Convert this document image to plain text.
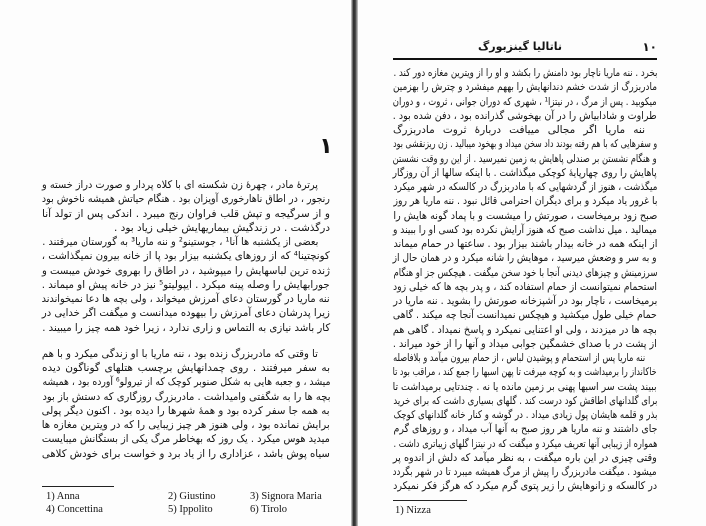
۱
پرترهٔ مادر ، چهرهٔ زن شکسته ای با کلاه پردار و صورت دراز خسته و
رنجور ، در اطاق ناهارخوری آویزان بود . هنگام حیاتش همیشه ناخوش بود
و از سرگیجه و تپش قلب فراوان رنج میبرد . اندکی پس از تولد آنا
درگذشت . در زندگیش بیماریهایش خیلی زیاد بود .
بعضی از یکشنبه ها آنا¹ ، جوستینو² و ننه ماریا³ به گورستان میرفتند .
کونچتینا⁴ که از روزهای یکشنبه بیزار بود پا از خانه بیرون نمیگذاشت ،
ژنده ترین لباسهایش را میپوشید ، در اطاق را بهروی خودش میبست و
جورابهایش را وصله پینه میکرد . ایپولیتو⁵ نیز در خانه پیش او میماند .
ننه ماریا در گورستان دعای آمرزش میخواند ، ولی بچه ها دعا نمیخواندند
زیرا پدرشان دعای آمرزش را بیهوده میدانست و میگفت اگر خدایی در
کار باشد نیازی به التماس و زاری ندارد ، زیرا خود همه چیز را میبیند .
تا وقتی که مادربزرگ زنده بود ، ننه ماریا با او زندگی میکرد و با هم
به سفر میرفتند . روی چمدانهایش برچسب هتلهای گوناگون دیده
میشد ، و جعبه هایی به شکل صنوبر کوچک که از تیرولو⁶ آورده بود ، همیشه
بچه ها را به شگفتی وامیداشت . مادربزرگ روزگاری که دستش باز بود
به همه جا سفر کرده بود و همهٔ شهرها را دیده بود . اکنون دیگر پولی
برایش نمانده بود ، ولی هنوز هر چیز زیبایی را که در ویترین مغازه ها
میدید هوس میکرد . یک روز که بهخاطر مرگ یکی از بستگانش میبایست
سیاه پوش باشد ، عزاداری را از یاد برد و خواست برای خودش کلاهی
1) Anna	2) Giustino	3) Signora Maria
4) Concettina	5) Ippolito	6) Tirolo
۱۰
ناتالیا گینزبورگ
بخرد . ننه ماریا ناچار بود دامنش را بکشد و او را از ویترین مغازه دور کند .
مادربزرگ از شدت خشم دندانهایش را بههم میفشرد و چترش را بهزمین
میکوبید . پس از مرگ ، در نیتزا¹ ، شهری که دوران جوانی ، ثروت ، و دوران
طراوت و شادابیاش را در آن بهخوشی گذرانده بود ، دفن شده بود .
ننه ماریا اگر مجالی مییافت دربارهٔ ثروت مادربزرگ
و سفرهایی که با هم رفته بودند داد سخن میداد و بهخود میبالید . زن ریزنقشی بود
و هنگام نشستن بر صندلی پاهایش به زمین نمیرسید . از این رو وقت نشستن
پاهایش را روی چهارپایهٔ کوچکی میگذاشت . با اینکه سالها از آن روزگار
میگذشت ، هنوز از گردشهایی که با مادربزرگ در کالسکه در شهر میکرد
با غرور یاد میکرد و برای دیگران احترامی قائل نبود . ننه ماریا هر روز
صبح زود برمیخاست ، صورتش را میشست و با پماد گونه هایش را
میمالید . میل نداشت صبح که هنوز آرایش نکرده بود کسی او را ببیند و
از اینکه همه در خانه بیدار باشند بیزار بود . ساعتها در حمام میماند
و به سر و وضعش میرسید ، موهایش را شانه میکرد و در همان حال از
سرزمینش و چیزهای دیدنی آنجا با خود سخن میگفت . هیچکس جز او هنگام
استحمام نمیتوانست از حمام استفاده کند ، و پدر بچه ها که خیلی زود
برمیخاست ، ناچار بود در آشپزخانه صورتش را بشوید . ننه ماریا در
حمام خیلی طول میکشید و هیچکس نمیدانست آنجا چه میکند . گاهی
بچه ها در میزدند ، ولی او اعتنایی نمیکرد و پاسخ نمیداد . گاهی هم
از پشت در با صدای خشمگین جوابی میداد و آنها را از خود میراند .
ننه ماریا پس از استحمام و پوشیدن لباس ، از حمام بیرون میآمد و بلافاصله
خاکانداز را برمیداشت و به کوچه میرفت تا پهن اسبها را جمع کند ، مراقب بود تا
ببیند پشت سر اسبها پهنی بر زمین مانده یا نه . چندتایی برمیداشت تا
برای گلدانهای اطاقش کود درست کند . گلهای بسیاری داشت که برای خرید
بذر و قلمه هایشان پول زیادی میداد . در گوشه و کنار خانه گلدانهای کوچک
جای داشتند و ننه ماریا هر روز صبح به آنها آب میداد ، و روزهای گرم
همواره از زیبایی آنها تعریف میکرد و میگفت که در نیتزا گلهای زیباتری داشت .
وقتی چیزی در این باره میگفت ، به نظر میآمد که دلش از اندوه پر
میشود . میگفت مادربزرگ را پیش از مرگ همیشه میبرد تا در شهر بگردد
در کالسکه و زانوهایش را زیر پتوی گرم میکرد که هرگز فکر نمیکرد
1) Nizza
